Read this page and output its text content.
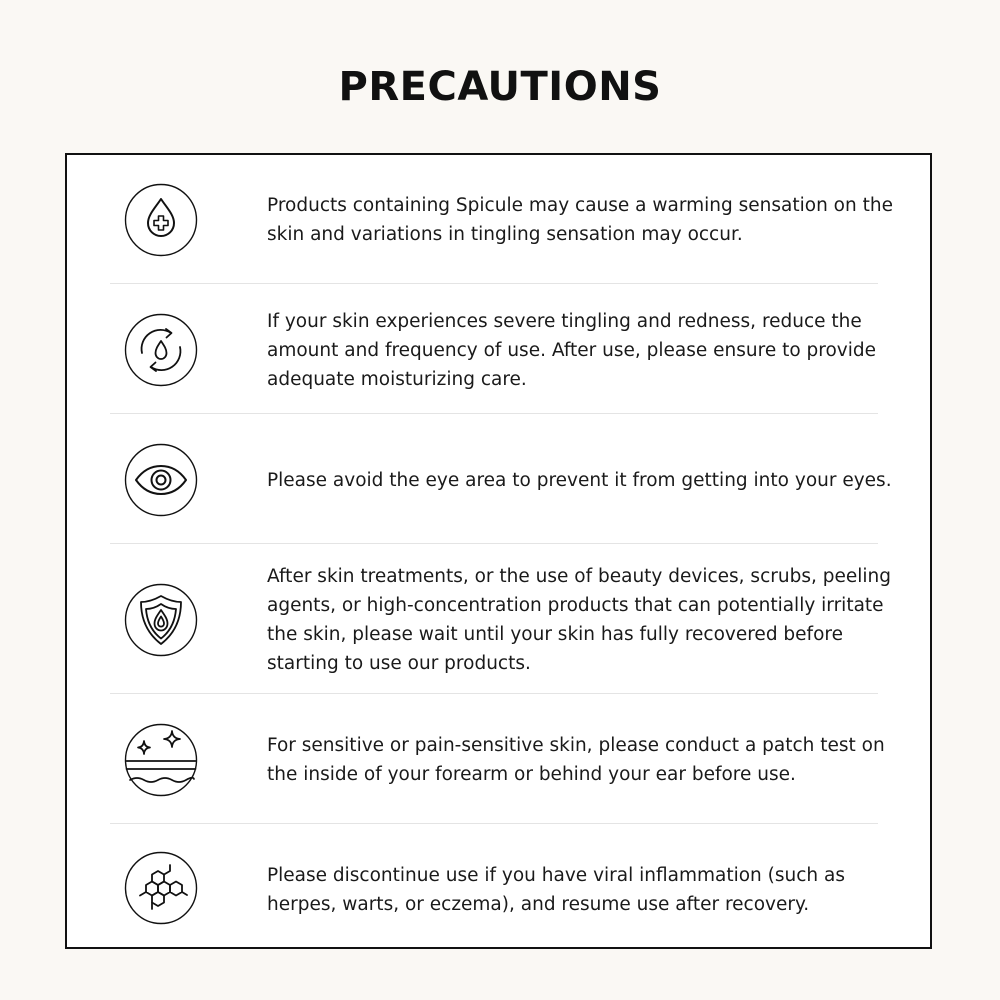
PRECAUTIONS
Products containing Spicule may cause a warming sensation on the skin and variations in tingling sensation may occur.
If your skin experiences severe tingling and redness, reduce the amount and frequency of use. After use, please ensure to provide adequate moisturizing care.
Please avoid the eye area to prevent it from getting into your eyes.
After skin treatments, or the use of beauty devices, scrubs, peeling agents, or high-concentration products that can potentially irritate the skin, please wait until your skin has fully recovered before starting to use our products.
For sensitive or pain-sensitive skin, please conduct a patch test on the inside of your forearm or behind your ear before use.
Please discontinue use if you have viral inflammation (such as herpes, warts, or eczema), and resume use after recovery.
